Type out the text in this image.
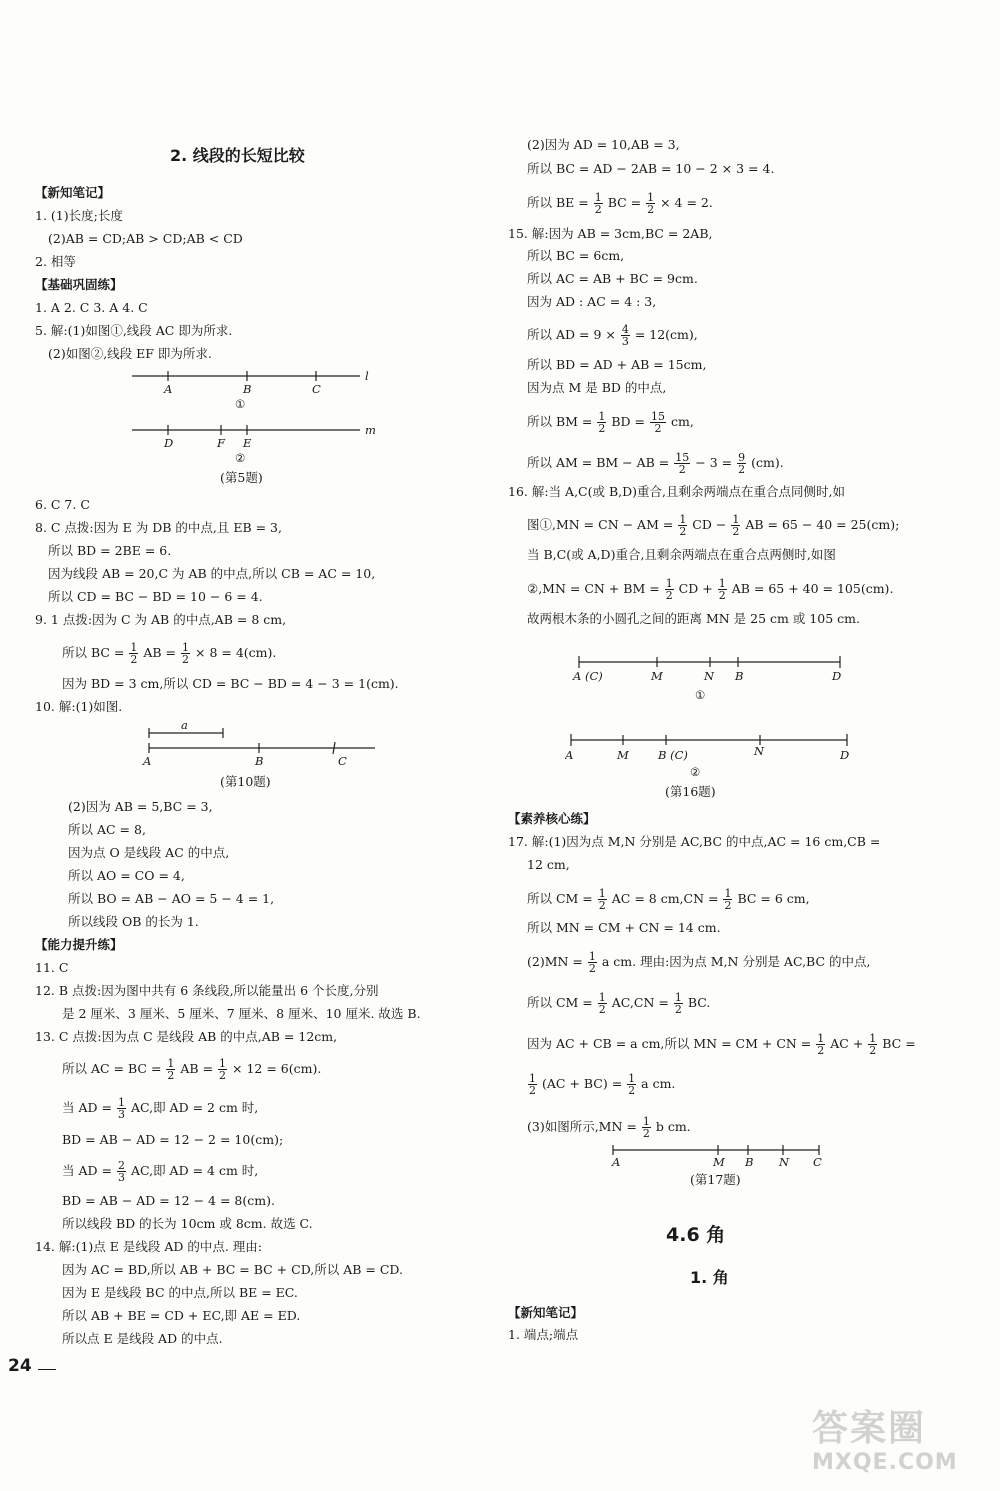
2. 线段的长短比较
【新知笔记】
1. (1)长度;长度
(2)AB = CD;AB > CD;AB < CD
2. 相等
【基础巩固练】
1. A 2. C 3. A 4. C
5. 解:(1)如图①,线段 AC 即为所求.
(2)如图②,线段 EF 即为所求.
A	B	C
l
①
D	F E
m
②
(第5题)
6. C 7. C
8. C 点拨:因为 E 为 DB 的中点,且 EB = 3,
所以 BD = 2BE = 6.
因为线段 AB = 20,C 为 AB 的中点,所以 CB = AC = 10,
所以 CD = BC − BD = 10 − 6 = 4.
9. 1 点拨:因为 C 为 AB 的中点,AB = 8 cm,
所以 BC = $\frac{1}{2}$ AB = $\frac{1}{2} \times 8 = 4(cm)$.
因为 BD = 3 cm,所以 CD = BC − BD = 4 − 3 = 1(cm).
10. 解:(1)如图.
a
A	B	C
(第10题)
(2)因为 AB = 5,BC = 3,
所以 AC = 8,
因为点 O 是线段 AC 的中点,
所以 AO = CO = 4,
所以 BO = AB − AO = 5 − 4 = 1,
所以线段 OB 的长为 1.
【能力提升练】
11. C
12. B 点拨:因为图中共有 6 条线段,所以能量出 6 个长度,分别
是 2 厘米、3 厘米、5 厘米、7 厘米、8 厘米、10 厘米. 故选 B.
13. C 点拨:因为点 C 是线段 AB 的中点,AB = 12cm,
所以 AC = BC = $\frac{1}{2}$ AB = $\frac{1}{2} \times 12 = 6(cm)$.
当 AD = $\frac{1}{3}$ AC,即 AD = 2 cm 时,
BD = AB − AD = 12 − 2 = 10(cm);
当 AD = $\frac{2}{3}$ AC,即 AD = 4 cm 时,
BD = AB − AD = 12 − 4 = 8(cm).
所以线段 BD 的长为 10cm 或 8cm. 故选 C.
14. 解:(1)点 E 是线段 AD 的中点. 理由:
因为 AC = BD,所以 AB + BC = BC + CD,所以 AB = CD.
因为 E 是线段 BC 的中点,所以 BE = EC.
所以 AB + BE = CD + EC,即 AE = ED.
所以点 E 是线段 AD 的中点.
(2)因为 AD = 10,AB = 3,
所以 BC = AD − 2AB = 10 − 2 × 3 = 4.
所以 BE = $\frac{1}{2}$ BC = $\frac{1}{2} \times 4 = 2$.
15. 解:因为 AB = 3cm,BC = 2AB,
所以 BC = 6cm,
所以 AC = AB + BC = 9cm.
因为 AD : AC = 4 : 3,
所以 AD = $9 \times \frac{4}{3} = 12(cm)$,
所以 BD = AD + AB = 15cm,
因为点 M 是 BD 的中点,
所以 BM = $\frac{1}{2}$ BD = $\frac{15}{2}$ cm,
所以 AM = BM − AB = $\frac{15}{2} - 3 = \frac{9}{2} (cm)$.
16. 解:当 A,C(或 B,D)重合,且剩余两端点在重合点同侧时,如
图①,MN = CN − AM = $\frac{1}{2}$ CD − $\frac{1}{2}$ AB = 65 − 40 = 25(cm);
当 B,C(或 A,D)重合,且剩余两端点在重合点两侧时,如图
②,MN = CN + BM = $\frac{1}{2}$ CD + $\frac{1}{2}$ AB = 65 + 40 = 105(cm).
故两根木条的小圆孔之间的距离 MN 是 25 cm 或 105 cm.
A (C)	M	N B	D
①
A	M	B (C)	N	D
②
(第16题)
【素养核心练】
17. 解:(1)因为点 M,N 分别是 AC,BC 的中点,AC = 16 cm,CB =
12 cm,
所以 CM = $\frac{1}{2}$ AC = 8 $cm,CN = \frac{1}{2}$ BC = 6 cm,
所以 MN = CM + CN = 14 cm.
$(2)MN = \frac{1}{2}$ a cm. 理由:因为点 M,N 分别是 AC,BC 的中点,
所以 CM = $\frac{1}{2} AC,CN = \frac{1}{2}$ BC.
因为 AC + CB = a cm,所以 MN = CM + CN = $\frac{1}{2}$ AC + $\frac{1}{2}$ BC =
$\frac{1}{2} (AC + BC) = \frac{1}{2}$ a cm.
(3)如图所示$,MN = \frac{1}{2}$ b cm.
A	M B N C
(第17题)
4.6 角
1. 角
【新知笔记】
1. 端点;端点
24
答案圈
MXQE.COM
